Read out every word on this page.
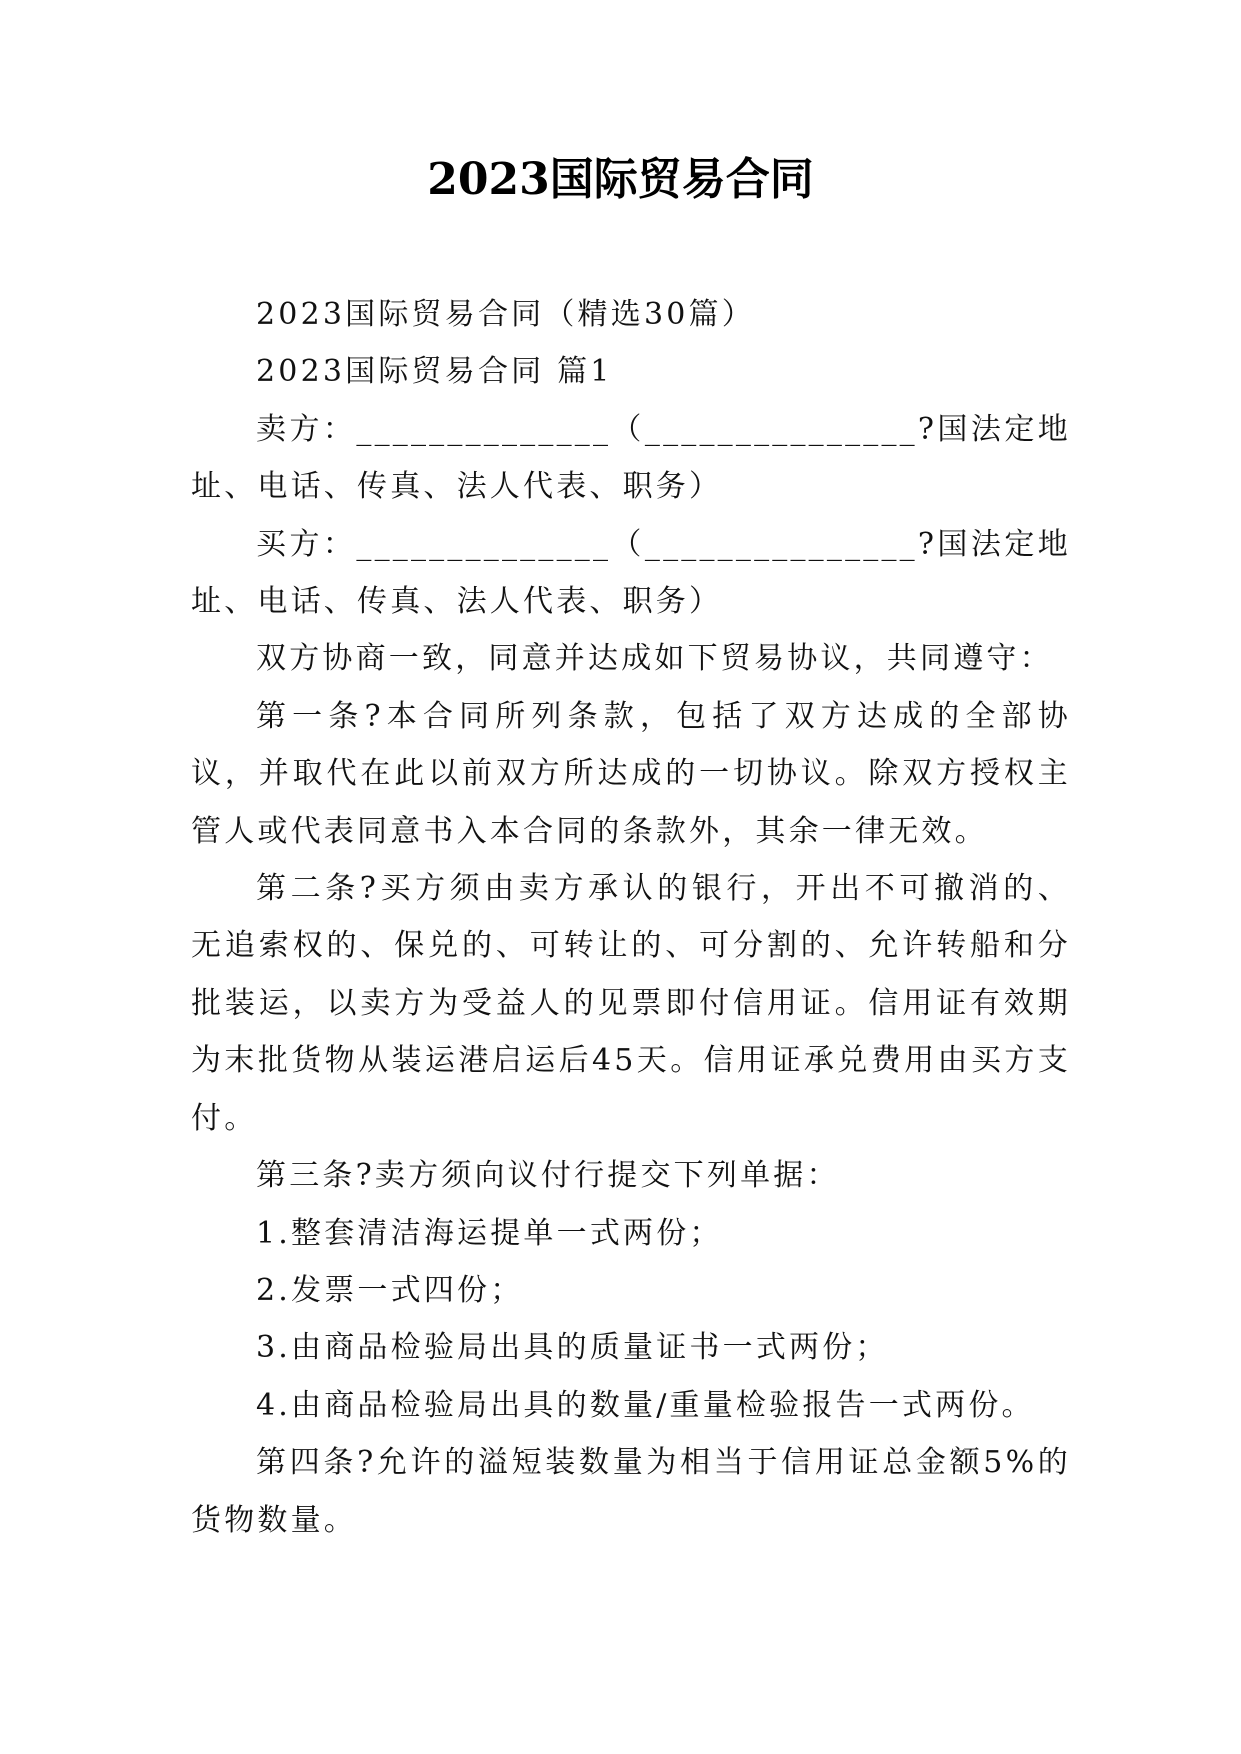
2023国际贸易合同

2023国际贸易合同（精选30篇）

2023国际贸易合同 篇1

卖方：______________（_______________?国法定地址、电话、传真、法人代表、职务）

买方：______________（_______________?国法定地址、电话、传真、法人代表、职务）

双方协商一致，同意并达成如下贸易协议，共同遵守：

第一条?本合同所列条款，包括了双方达成的全部协议，并取代在此以前双方所达成的一切协议。除双方授权主管人或代表同意书入本合同的条款外，其余一律无效。

第二条?买方须由卖方承认的银行，开出不可撤消的、无追索权的、保兑的、可转让的、可分割的、允许转船和分批装运，以卖方为受益人的见票即付信用证。信用证有效期为末批货物从装运港启运后45天。信用证承兑费用由买方支付。

第三条?卖方须向议付行提交下列单据：

1.整套清洁海运提单一式两份；

2.发票一式四份；

3.由商品检验局出具的质量证书一式两份；

4.由商品检验局出具的数量/重量检验报告一式两份。

第四条?允许的溢短装数量为相当于信用证总金额5%的货物数量。
